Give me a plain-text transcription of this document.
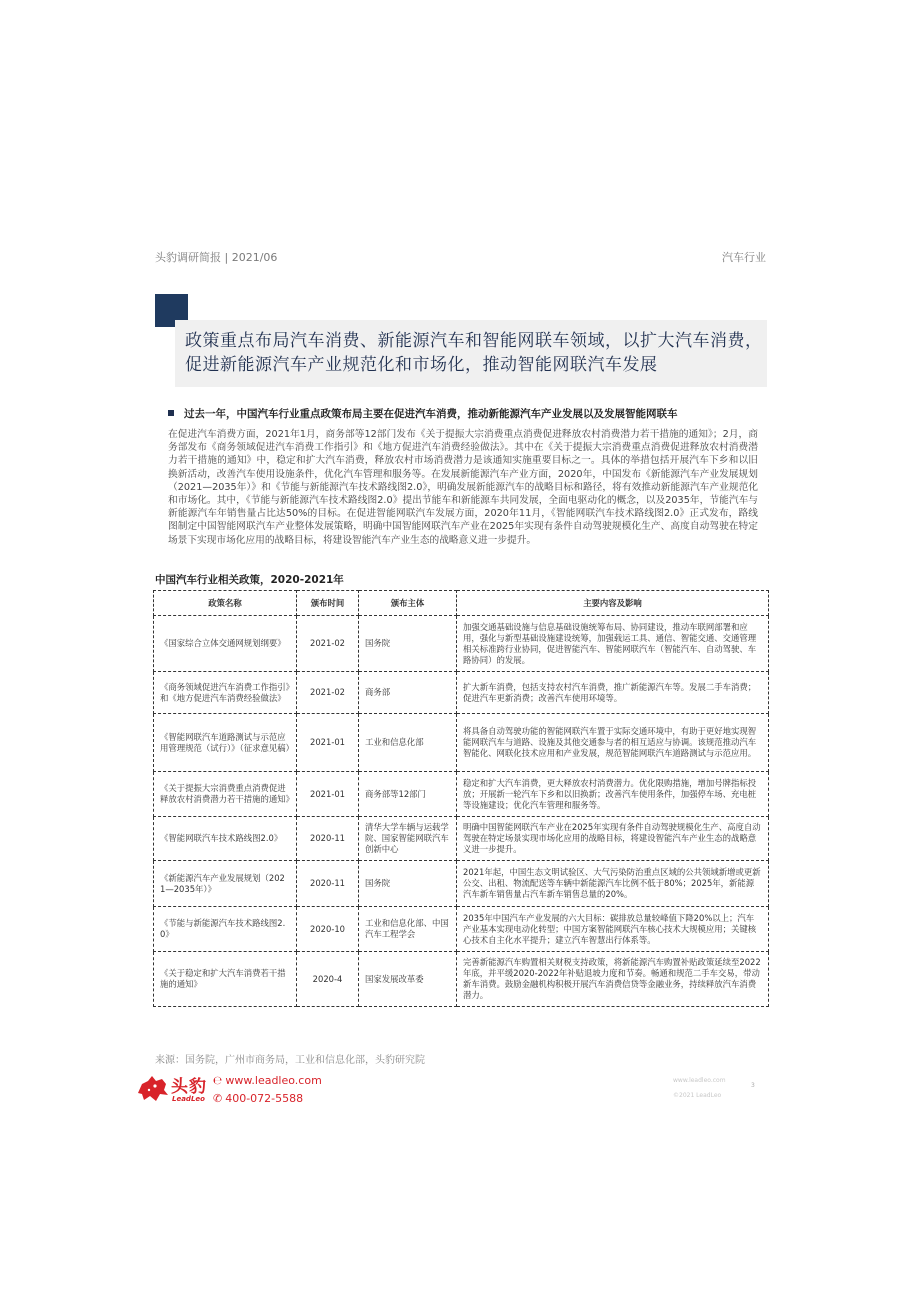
头豹调研简报 | 2021/06	汽车行业
政策重点布局汽车消费、新能源汽车和智能网联车领域，以扩大汽车消费，
促进新能源汽车产业规范化和市场化，推动智能网联汽车发展
过去一年，中国汽车行业重点政策布局主要在促进汽车消费，推动新能源汽车产业发展以及发展智能网联车

在促进汽车消费方面，2021年1月，商务部等12部门发布《关于提振大宗消费重点消费促进释放农村消费潜力若干措施的通知》；2月，商务部发布《商务领域促进汽车消费工作指引》和《地方促进汽车消费经验做法》。其中在《关于提振大宗消费重点消费促进释放农村消费潜力若干措施的通知》中，稳定和扩大汽车消费，释放农村市场消费潜力是该通知实施重要目标之一。具体的举措包括开展汽车下乡和以旧换新活动，改善汽车使用设施条件，优化汽车管理和服务等。在发展新能源汽车产业方面，2020年，中国发布《新能源汽车产业发展规划（2021—2035年）》和《节能与新能源汽车技术路线图2.0》，明确发展新能源汽车的战略目标和路径，将有效推动新能源汽车产业规范化和市场化。其中，《节能与新能源汽车技术路线图2.0》提出节能车和新能源车共同发展，全面电驱动化的概念，以及2035年，节能汽车与新能源汽车年销售量占比达50%的目标。在促进智能网联汽车发展方面，2020年11月，《智能网联汽车技术路线图2.0》正式发布，路线图制定中国智能网联汽车产业整体发展策略，明确中国智能网联汽车产业在2025年实现有条件自动驾驶规模化生产、高度自动驾驶在特定场景下实现市场化应用的战略目标，将建设智能汽车产业生态的战略意义进一步提升。

中国汽车行业相关政策，2020-2021年
政策名称	颁布时间	颁布主体	主要内容及影响
《国家综合立体交通网规划纲要》	2021-02	国务院	加强交通基础设施与信息基础设施统筹布局、协同建设，推动车联网部署和应用，强化与新型基础设施建设统筹，加强载运工具、通信、智能交通、交通管理相关标准跨行业协同，促进智能汽车、智能网联汽车（智能汽车、自动驾驶、车路协同）的发展。
《商务领域促进汽车消费工作指引》和《地方促进汽车消费经验做法》	2021-02	商务部	扩大新车消费，包括支持农村汽车消费，推广新能源汽车等。发展二手车消费；促进汽车更新消费；改善汽车使用环境等。
《智能网联汽车道路测试与示范应用管理规范（试行）》（征求意见稿）	2021-01	工业和信息化部	将具备自动驾驶功能的智能网联汽车置于实际交通环境中，有助于更好地实现智能网联汽车与道路、设施及其他交通参与者的相互适应与协调。该规范推动汽车智能化、网联化技术应用和产业发展，规范智能网联汽车道路测试与示范应用。
《关于提振大宗消费重点消费促进释放农村消费潜力若干措施的通知》	2021-01	商务部等12部门	稳定和扩大汽车消费，更大释放农村消费潜力。优化限购措施，增加号牌指标投放；开展新一轮汽车下乡和以旧换新；改善汽车使用条件，加强停车场、充电桩等设施建设；优化汽车管理和服务等。
《智能网联汽车技术路线图2.0》	2020-11	清华大学车辆与运载学院、国家智能网联汽车创新中心	明确中国智能网联汽车产业在2025年实现有条件自动驾驶规模化生产、高度自动驾驶在特定场景实现市场化应用的战略目标，将建设智能汽车产业生态的战略意义进一步提升。
《新能源汽车产业发展规划（2021—2035年）》	2020-11	国务院	2021年起，中国生态文明试验区、大气污染防治重点区域的公共领域新增或更新公交、出租、物流配送等车辆中新能源汽车比例不低于80%；2025年，新能源汽车新车销售量占汽车新车销售总量的20%。
《节能与新能源汽车技术路线图2.0》	2020-10	工业和信息化部、中国汽车工程学会	2035年中国汽车产业发展的六大目标：碳排放总量较峰值下降20%以上；汽车产业基本实现电动化转型；中国方案智能网联汽车核心技术大规模应用；关键核心技术自主化水平提升；建立汽车智慧出行体系等。
《关于稳定和扩大汽车消费若干措施的通知》	2020-4	国家发展改革委	完善新能源汽车购置相关财税支持政策，将新能源汽车购置补贴政策延续至2022年底，并平缓2020-2022年补贴退坡力度和节奏。畅通和规范二手车交易，带动新车消费。鼓励金融机构积极开展汽车消费信贷等金融业务，持续释放汽车消费潜力。
来源：国务院，广州市商务局，工业和信息化部，头豹研究院
头豹
LeadLeo
℮ www.leadleo.com
✆ 400-072-5588
www.leadleo.com
©2021 LeadLeo
3
